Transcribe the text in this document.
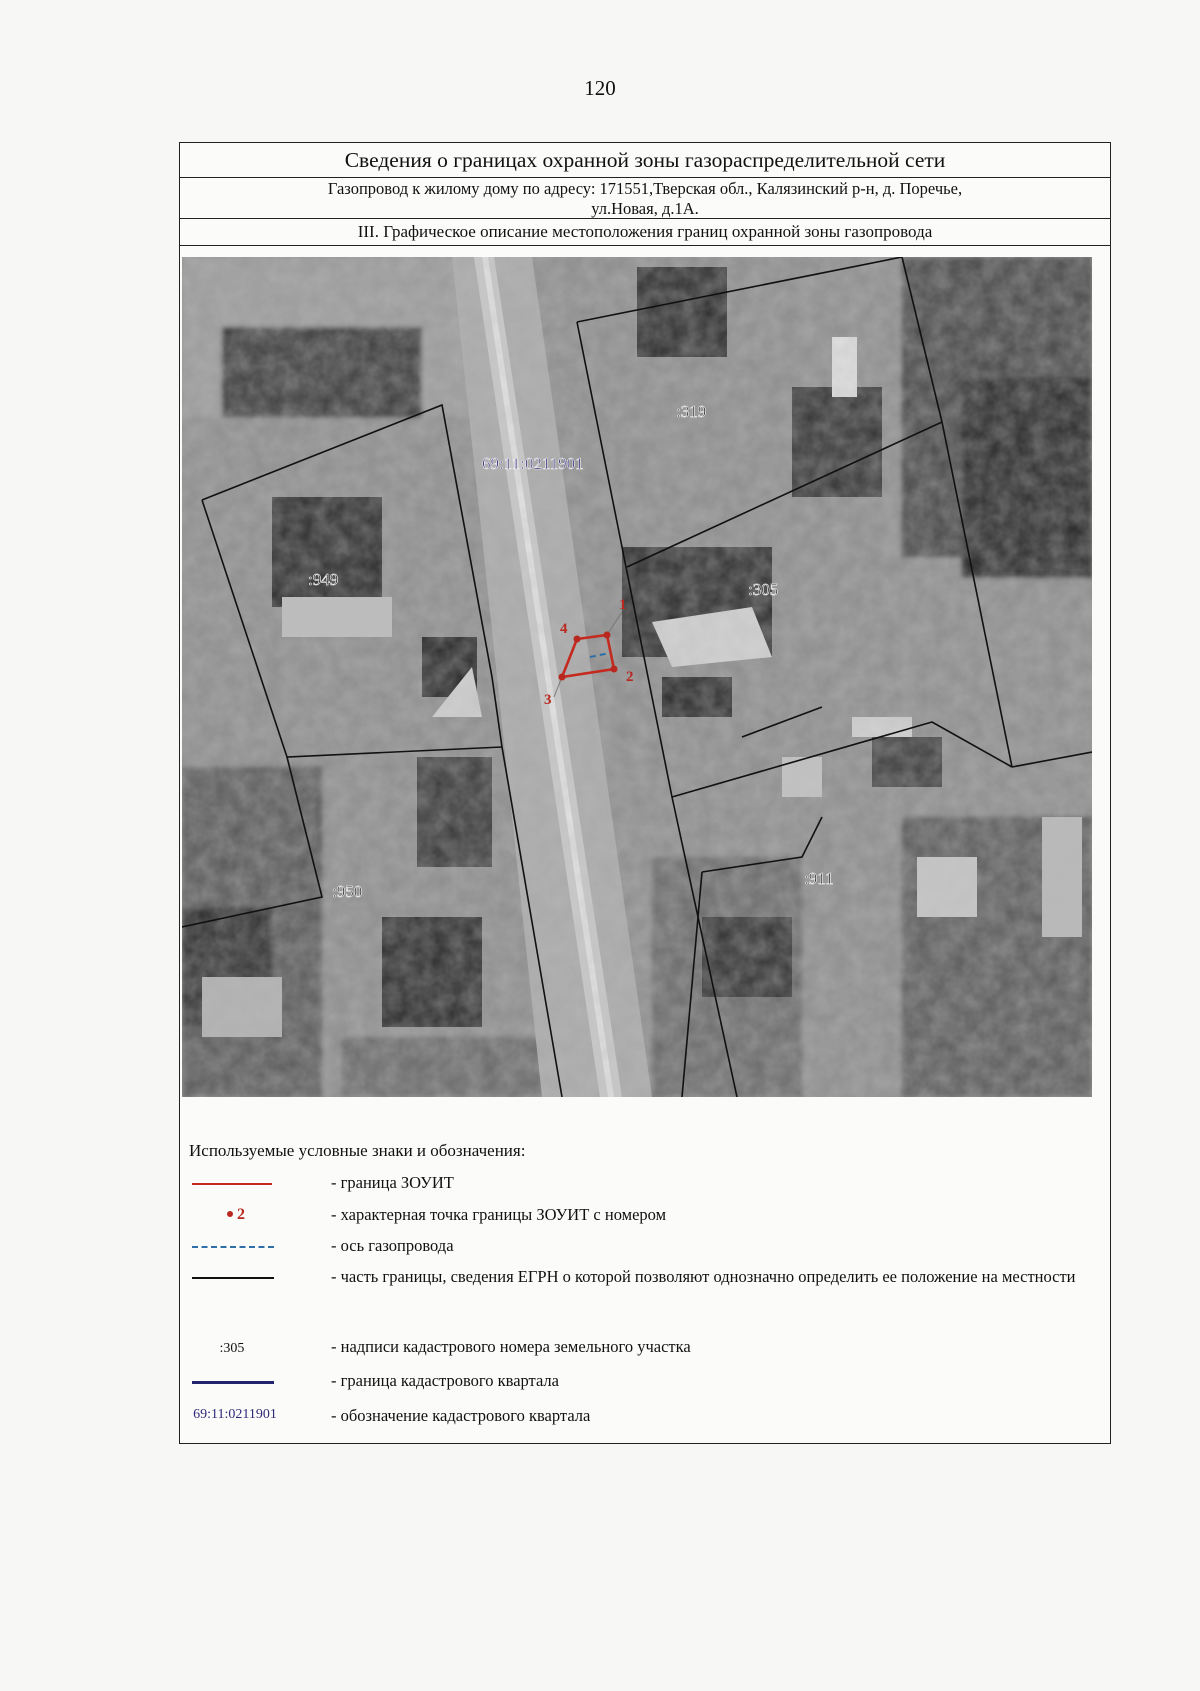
120
Сведения о границах охранной зоны газораспределительной сети
Газопровод к жилому дому по адресу: 171551,Тверская обл., Калязинский р-н, д. Поречье,
ул.Новая, д.1А.
III. Графическое описание местоположения границ охранной зоны газопровода
69:11:0211901
:319
:949
:305
:950
:911
1
2
3
4
Используемые условные знаки и обозначения:
- граница ЗОУИТ
2	- характерная точка границы ЗОУИТ с номером
- ось газопровода
- часть границы, сведения ЕГРН о которой позволяют однозначно определить ее положение на местности
:305	- надписи кадастрового номера земельного участка
- граница кадастрового квартала
69:11:0211901	- обозначение кадастрового квартала
